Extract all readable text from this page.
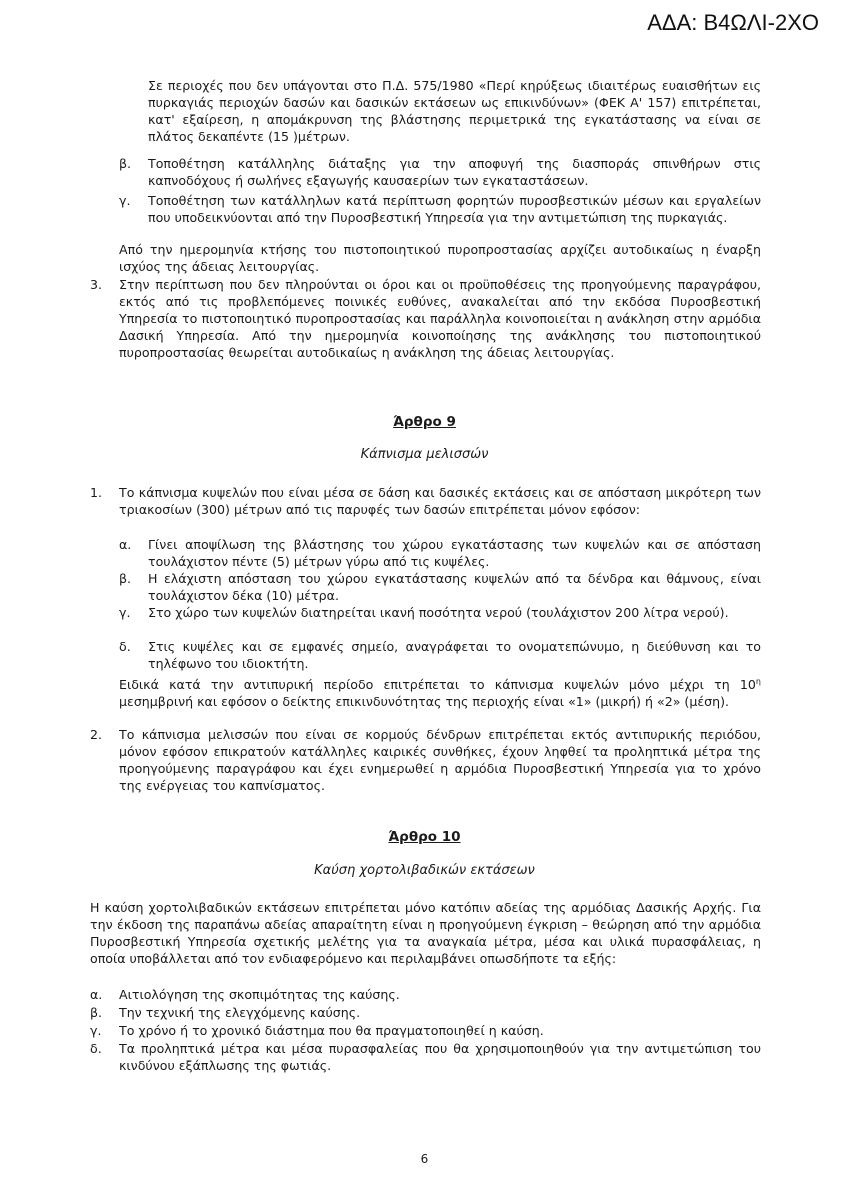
ΑΔΑ: Β4ΩΛΙ-2ΧΟ
Σε περιοχές που δεν υπάγονται στο Π.Δ. 575/1980 «Περί κηρύξεως ιδιαιτέρως ευαισθήτων εις πυρκαγιάς περιοχών δασών και δασικών εκτάσεων ως επικινδύνων» (ΦΕΚ Α' 157) επιτρέπεται, κατ' εξαίρεση, η απομάκρυνση της βλάστησης περιμετρικά της εγκατάστασης να είναι σε πλάτος δεκαπέντε (15 )μέτρων.
β. Τοποθέτηση κατάλληλης διάταξης για την αποφυγή της διασποράς σπινθήρων στις καπνοδόχους ή σωλήνες εξαγωγής καυσαερίων των εγκαταστάσεων.
γ. Τοποθέτηση των κατάλληλων κατά περίπτωση φορητών πυροσβεστικών μέσων και εργαλείων που υποδεικνύονται από την Πυροσβεστική Υπηρεσία για την αντιμετώπιση της πυρκαγιάς.
Από την ημερομηνία κτήσης του πιστοποιητικού πυροπροστασίας αρχίζει αυτοδικαίως η έναρξη ισχύος της άδειας λειτουργίας.
3. Στην περίπτωση που δεν πληρούνται οι όροι και οι προϋποθέσεις της προηγούμενης παραγράφου, εκτός από τις προβλεπόμενες ποινικές ευθύνες, ανακαλείται από την εκδόσα Πυροσβεστική Υπηρεσία το πιστοποιητικό πυροπροστασίας και παράλληλα κοινοποιείται η ανάκληση στην αρμόδια Δασική Υπηρεσία. Από την ημερομηνία κοινοποίησης της ανάκλησης του πιστοποιητικού πυροπροστασίας θεωρείται αυτοδικαίως η ανάκληση της άδειας λειτουργίας.
Άρθρο 9
Κάπνισμα μελισσών
1. Το κάπνισμα κυψελών που είναι μέσα σε δάση και δασικές εκτάσεις και σε απόσταση μικρότερη των τριακοσίων (300) μέτρων από τις παρυφές των δασών επιτρέπεται μόνον εφόσον:
α. Γίνει αποψίλωση της βλάστησης του χώρου εγκατάστασης των κυψελών και σε απόσταση τουλάχιστον πέντε (5) μέτρων γύρω από τις κυψέλες.
β. Η ελάχιστη απόσταση του χώρου εγκατάστασης κυψελών από τα δένδρα και θάμνους, είναι τουλάχιστον δέκα (10) μέτρα.
γ. Στο χώρο των κυψελών διατηρείται ικανή ποσότητα νερού (τουλάχιστον 200 λίτρα νερού).
δ. Στις κυψέλες και σε εμφανές σημείο, αναγράφεται το ονοματεπώνυμο, η διεύθυνση και το τηλέφωνο του ιδιοκτήτη.
Ειδικά κατά την αντιπυρική περίοδο επιτρέπεται το κάπνισμα κυψελών μόνο μέχρι τη $10^\eta$ μεσημβρινή και εφόσον ο δείκτης επικινδυνότητας της περιοχής είναι «1» (μικρή) ή «2» (μέση).
2. Το κάπνισμα μελισσών που είναι σε κορμούς δένδρων επιτρέπεται εκτός αντιπυρικής περιόδου, μόνον εφόσον επικρατούν κατάλληλες καιρικές συνθήκες, έχουν ληφθεί τα προληπτικά μέτρα της προηγούμενης παραγράφου και έχει ενημερωθεί η αρμόδια Πυροσβεστική Υπηρεσία για το χρόνο της ενέργειας του καπνίσματος.
Άρθρο 10
Καύση χορτολιβαδικών εκτάσεων
Η καύση χορτολιβαδικών εκτάσεων επιτρέπεται μόνο κατόπιν αδείας της αρμόδιας Δασικής Αρχής. Για την έκδοση της παραπάνω αδείας απαραίτητη είναι η προηγούμενη έγκριση – θεώρηση από την αρμόδια Πυροσβεστική Υπηρεσία σχετικής μελέτης για τα αναγκαία μέτρα, μέσα και υλικά πυρασφάλειας, η οποία υποβάλλεται από τον ενδιαφερόμενο και περιλαμβάνει οπωσδήποτε τα εξής:
α. Αιτιολόγηση της σκοπιμότητας της καύσης.
β. Την τεχνική της ελεγχόμενης καύσης.
γ. Το χρόνο ή το χρονικό διάστημα που θα πραγματοποιηθεί η καύση.
δ. Τα προληπτικά μέτρα και μέσα πυρασφαλείας που θα χρησιμοποιηθούν για την αντιμετώπιση του κινδύνου εξάπλωσης της φωτιάς.
6
